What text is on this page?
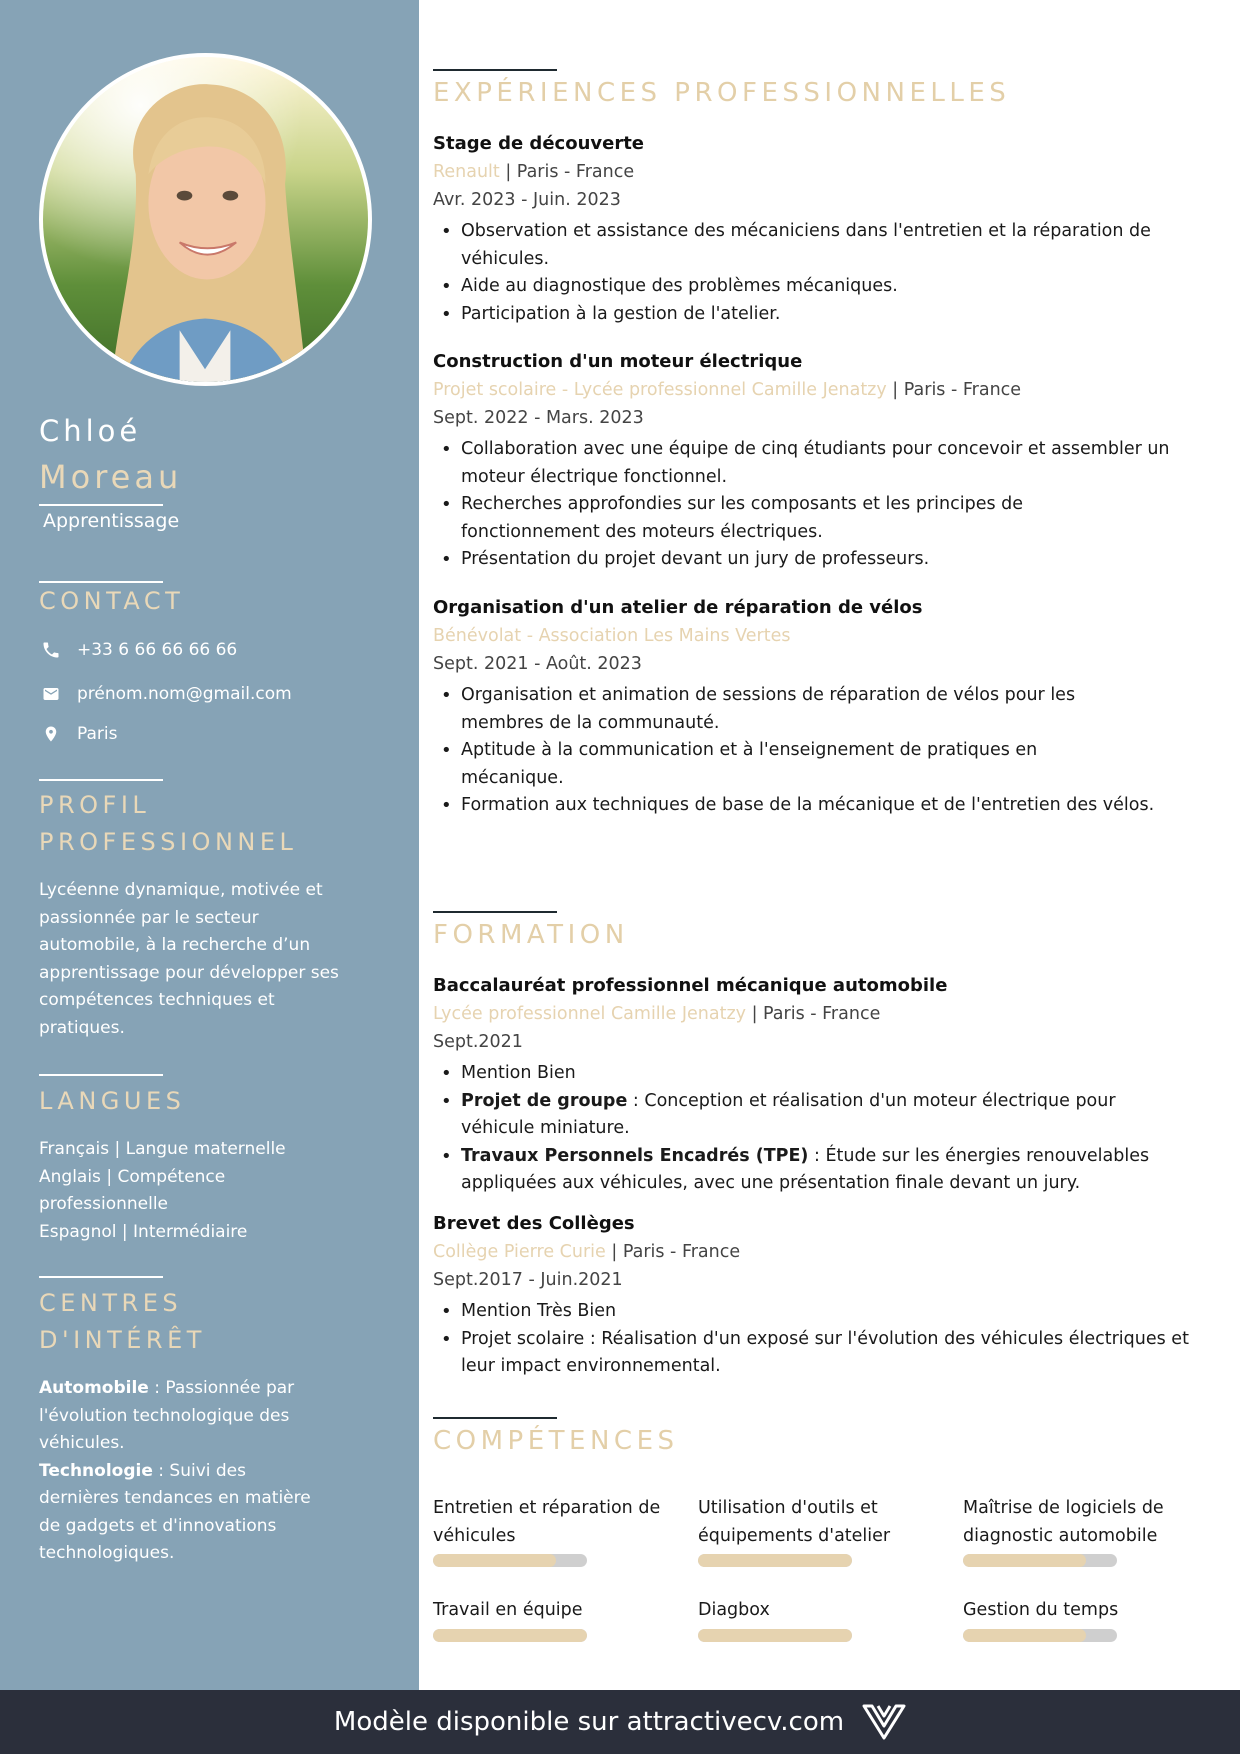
Chloé
Moreau
Apprentissage
CONTACT
+33 6 66 66 66 66
prénom.nom@gmail.com
Paris
PROFIL
PROFESSIONNEL
Lycéenne dynamique, motivée et passionnée par le secteur automobile, à la recherche d’un apprentissage pour développer ses compétences techniques et pratiques.
LANGUES
Français | Langue maternelle
Anglais | Compétence professionnelle
Espagnol | Intermédiaire
CENTRES
D'INTÉRÊT
Automobile : Passionnée par l'évolution technologique des véhicules.
Technologie : Suivi des dernières tendances en matière de gadgets et d'innovations technologiques.
EXPÉRIENCES PROFESSIONNELLES
Stage de découverte
Renault | Paris - France
Avr. 2023 - Juin. 2023
• Observation et assistance des mécaniciens dans l'entretien et la réparation de véhicules.
• Aide au diagnostique des problèmes mécaniques.
• Participation à la gestion de l'atelier.
Construction d'un moteur électrique
Projet scolaire - Lycée professionnel Camille Jenatzy | Paris - France
Sept. 2022 - Mars. 2023
• Collaboration avec une équipe de cinq étudiants pour concevoir et assembler un moteur électrique fonctionnel.
• Recherches approfondies sur les composants et les principes de fonctionnement des moteurs électriques.
• Présentation du projet devant un jury de professeurs.
Organisation d'un atelier de réparation de vélos
Bénévolat - Association Les Mains Vertes
Sept. 2021 - Août. 2023
• Organisation et animation de sessions de réparation de vélos pour les membres de la communauté.
• Aptitude à la communication et à l'enseignement de pratiques en mécanique.
• Formation aux techniques de base de la mécanique et de l'entretien des vélos.
FORMATION
Baccalauréat professionnel mécanique automobile
Lycée professionnel Camille Jenatzy | Paris - France
Sept.2021
• Mention Bien
• Projet de groupe : Conception et réalisation d'un moteur électrique pour véhicule miniature.
• Travaux Personnels Encadrés (TPE) : Étude sur les énergies renouvelables appliquées aux véhicules, avec une présentation finale devant un jury.
Brevet des Collèges
Collège Pierre Curie | Paris - France
Sept.2017 - Juin.2021
• Mention Très Bien
• Projet scolaire : Réalisation d'un exposé sur l'évolution des véhicules électriques et leur impact environnemental.
COMPÉTENCES
Entretien et réparation de véhicules
Utilisation d'outils et équipements d'atelier
Maîtrise de logiciels de diagnostic automobile
Travail en équipe	Diagbox	Gestion du temps
Modèle disponible sur attractivecv.com
